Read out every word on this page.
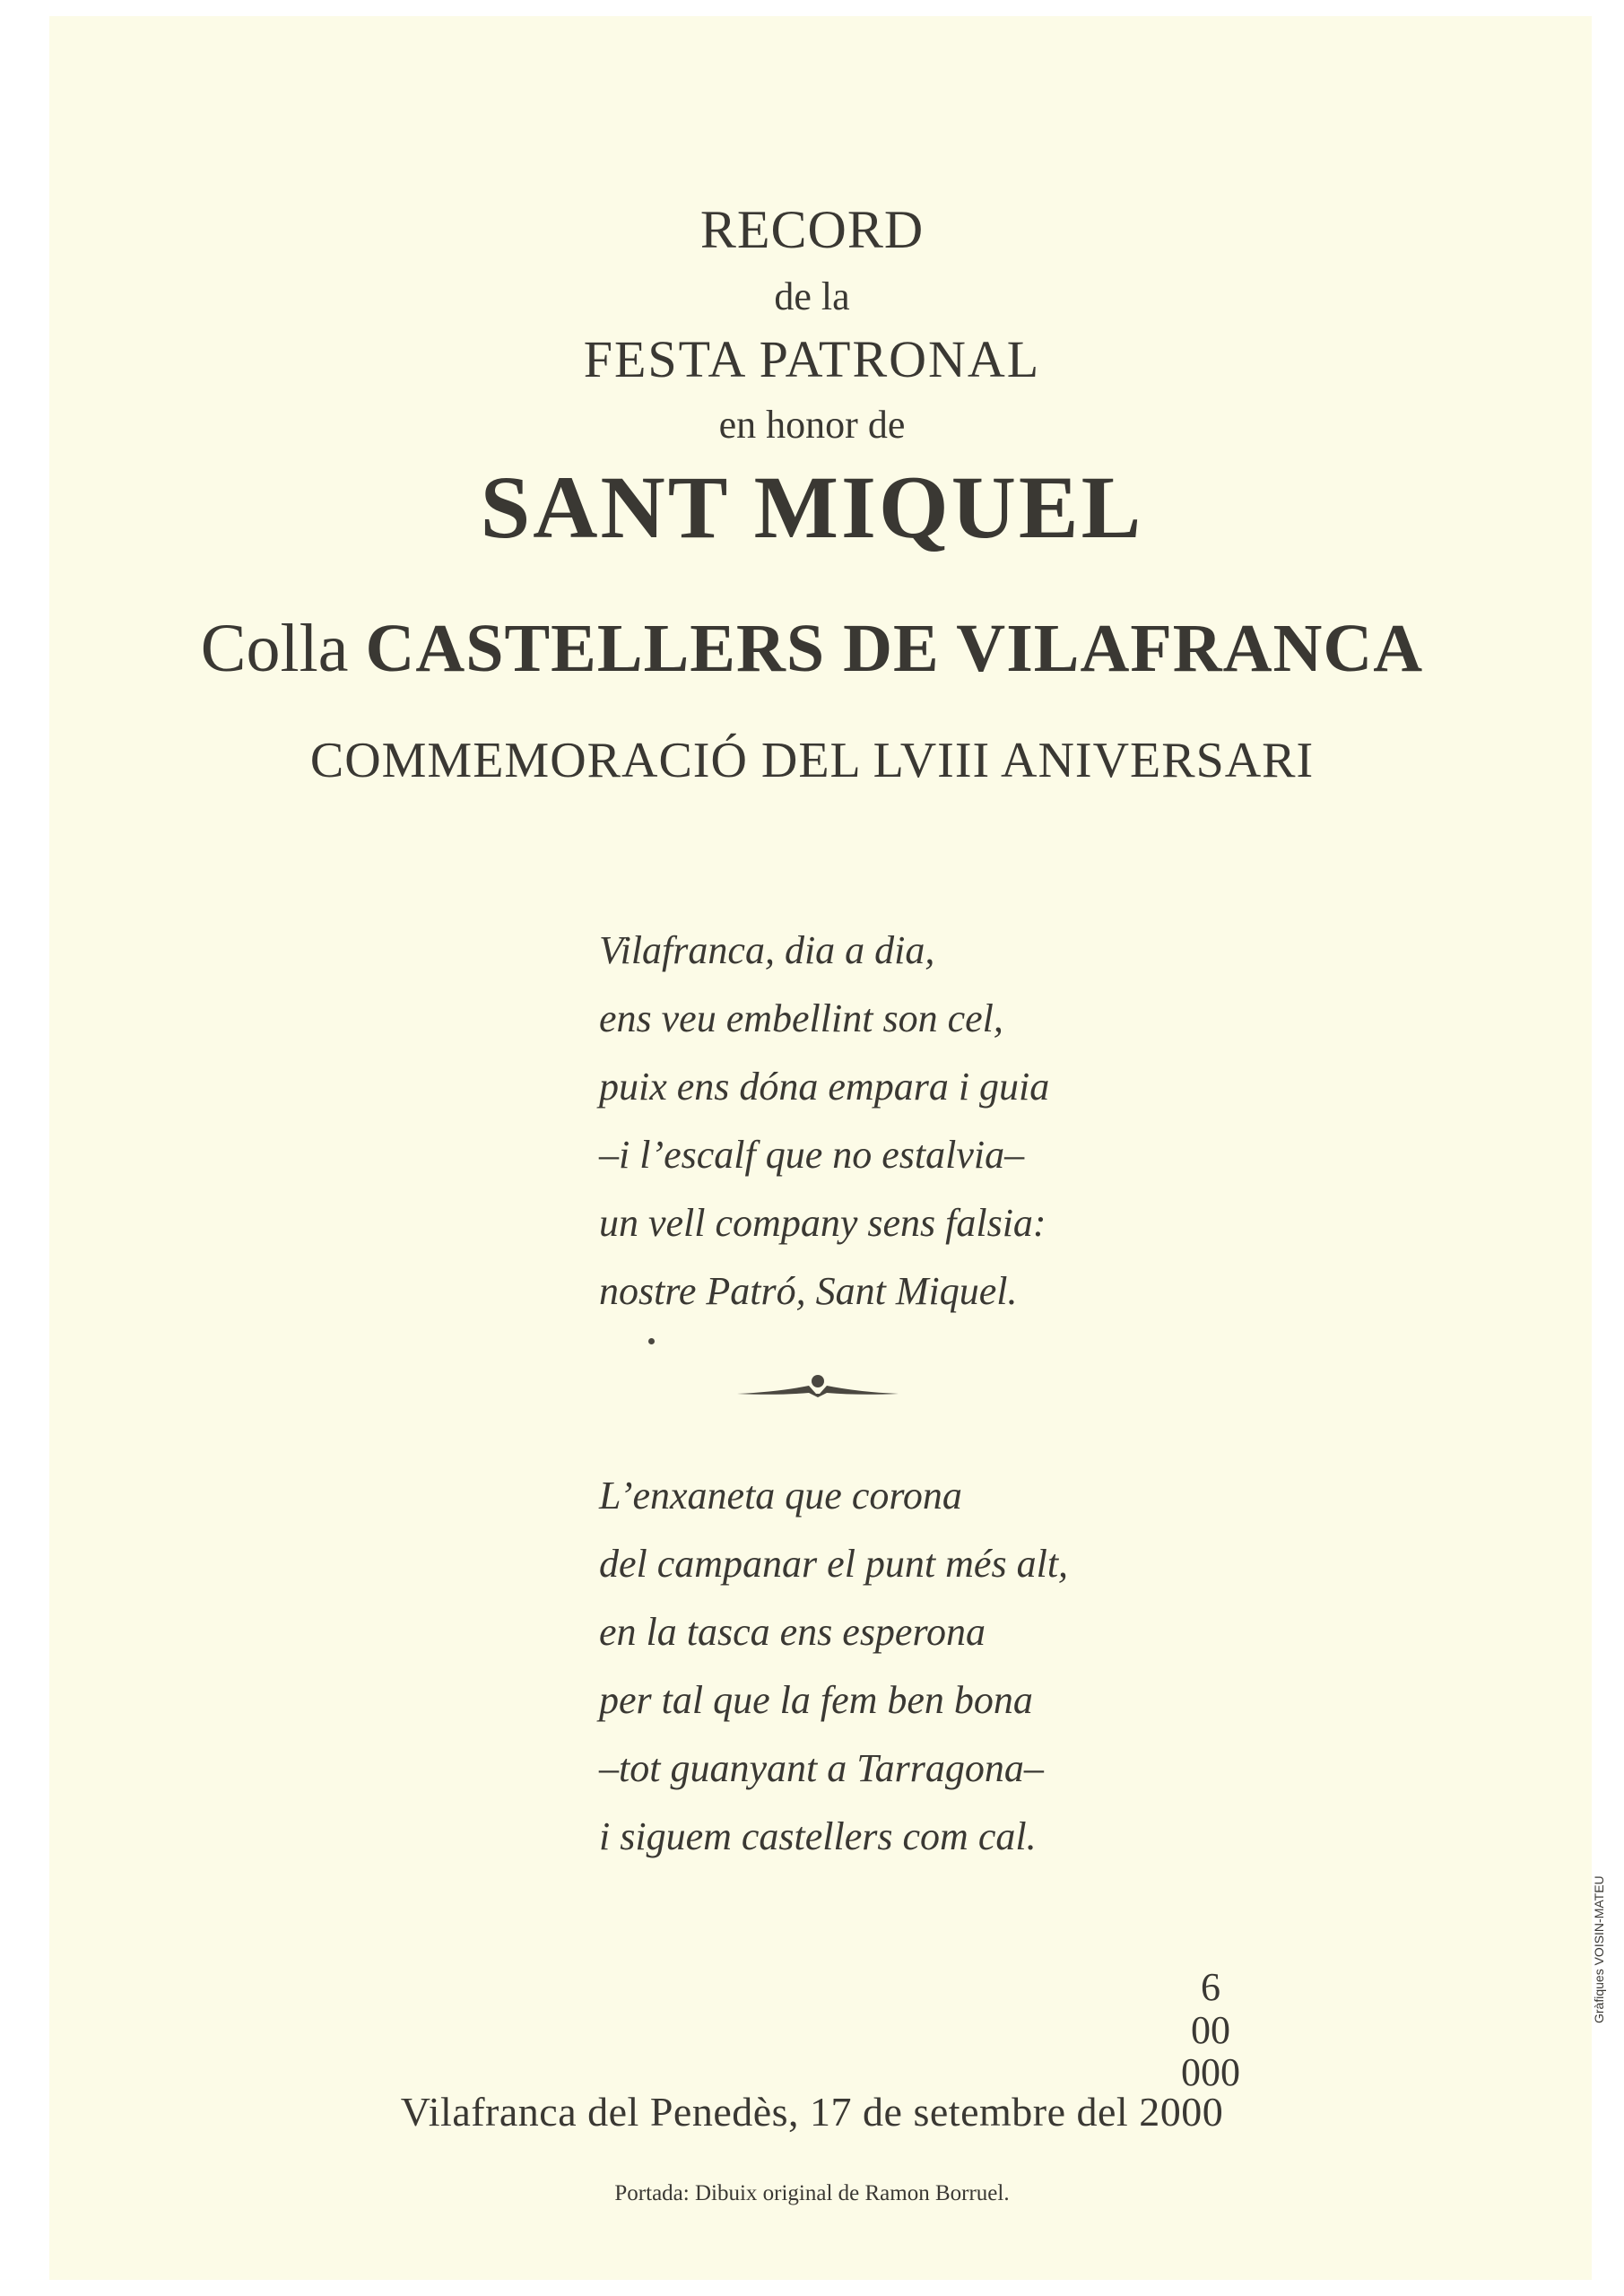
RECORD
de la
FESTA PATRONAL
en honor de
SANT MIQUEL
Colla CASTELLERS DE VILAFRANCA
COMMEMORACIÓ DEL LVIII ANIVERSARI
Vilafranca, dia a dia,
ens veu embellint son cel,
puix ens dóna empara i guia
–i l’escalf que no estalvia–
un vell company sens falsia:
nostre Patró, Sant Miquel.
L’enxaneta que corona
del campanar el punt més alt,
en la tasca ens esperona
per tal que la fem ben bona
–tot guanyant a Tarragona–
i siguem castellers com cal.
6
00
000
Vilafranca del Penedès, 17 de setembre del 2000
Portada: Dibuix original de Ramon Borruel.
Gràfiques VOISIN-MATEU
